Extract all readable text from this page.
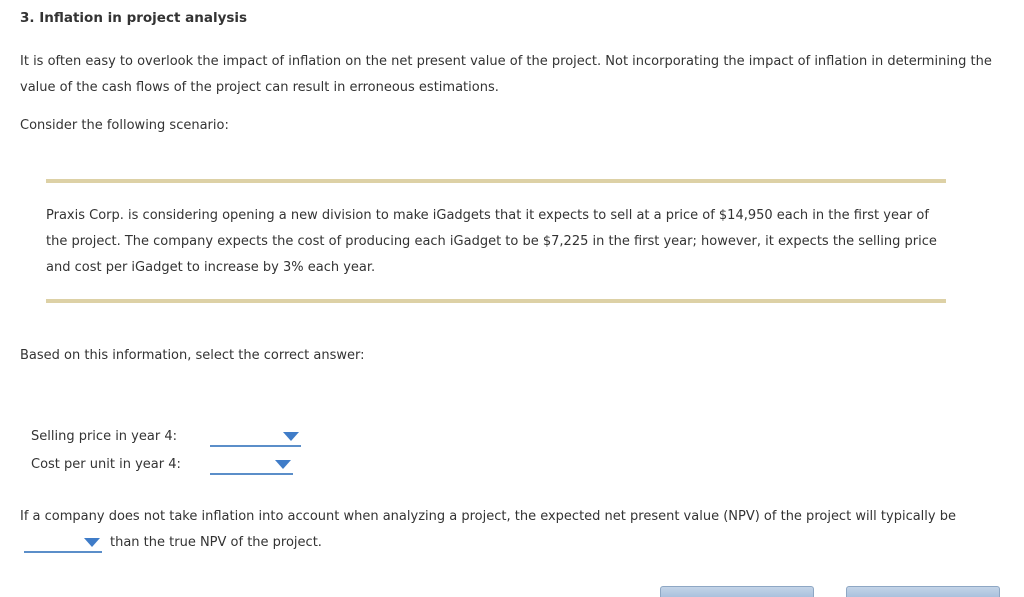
3. Inflation in project analysis
It is often easy to overlook the impact of inflation on the net present value of the project. Not incorporating the impact of inflation in determining the
value of the cash flows of the project can result in erroneous estimations.
Consider the following scenario:
Praxis Corp. is considering opening a new division to make iGadgets that it expects to sell at a price of $14,950 each in the first year of
the project. The company expects the cost of producing each iGadget to be $7,225 in the first year; however, it expects the selling price
and cost per iGadget to increase by 3% each year.
Based on this information, select the correct answer:
Selling price in year 4:
Cost per unit in year 4:
If a company does not take inflation into account when analyzing a project, the expected net present value (NPV) of the project will typically be
than the true NPV of the project.
